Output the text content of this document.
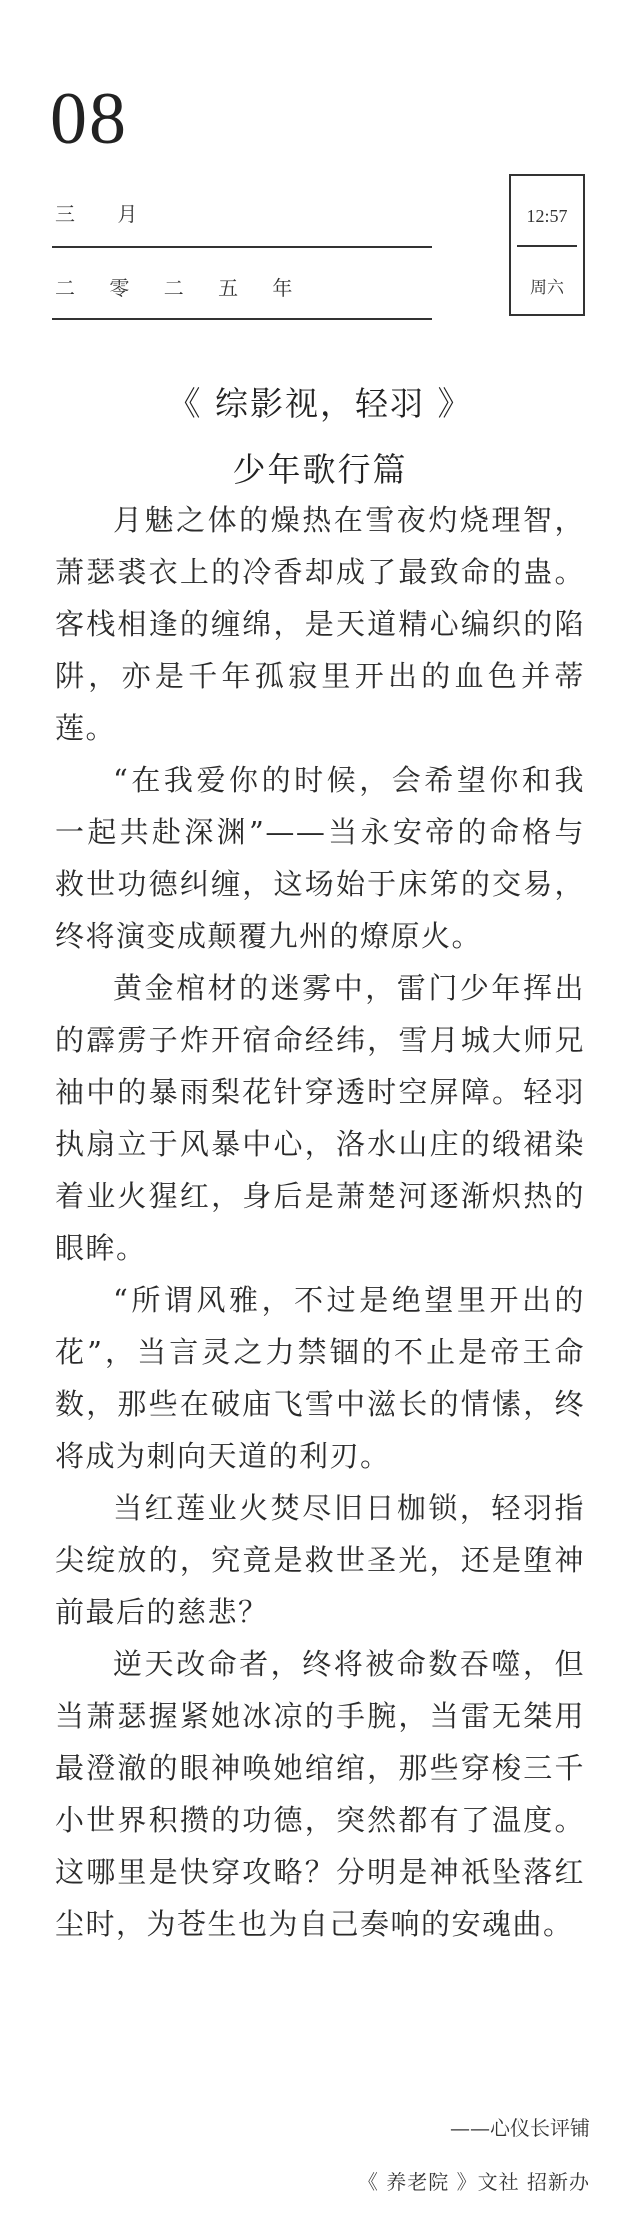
08
三 月
二 零 二 五 年
12:57
周六
《 综影视，轻羽 》
少年歌行篇

月魅之体的燥热在雪夜灼烧理智，萧瑟裘衣上的冷香却成了最致命的蛊。客栈相逢的缠绵，是天道精心编织的陷阱，亦是千年孤寂里开出的血色并蒂莲。

“在我爱你的时候，会希望你和我一起共赴深渊”——当永安帝的命格与救世功德纠缠，这场始于床笫的交易，终将演变成颠覆九州的燎原火。

黄金棺材的迷雾中，雷门少年挥出的霹雳子炸开宿命经纬，雪月城大师兄袖中的暴雨梨花针穿透时空屏障。轻羽执扇立于风暴中心，洛水山庄的缎裙染着业火猩红，身后是萧楚河逐渐炽热的眼眸。

“所谓风雅，不过是绝望里开出的花”，当言灵之力禁锢的不止是帝王命数，那些在破庙飞雪中滋长的情愫，终将成为刺向天道的利刃。

当红莲业火焚尽旧日枷锁，轻羽指尖绽放的，究竟是救世圣光，还是堕神前最后的慈悲？

逆天改命者，终将被命数吞噬，但当萧瑟握紧她冰凉的手腕，当雷无桀用最澄澈的眼神唤她绾绾，那些穿梭三千小世界积攒的功德，突然都有了温度。这哪里是快穿攻略？分明是神祇坠落红尘时，为苍生也为自己奏响的安魂曲。

——心仪长评铺
《 养老院 》文社 招新办
